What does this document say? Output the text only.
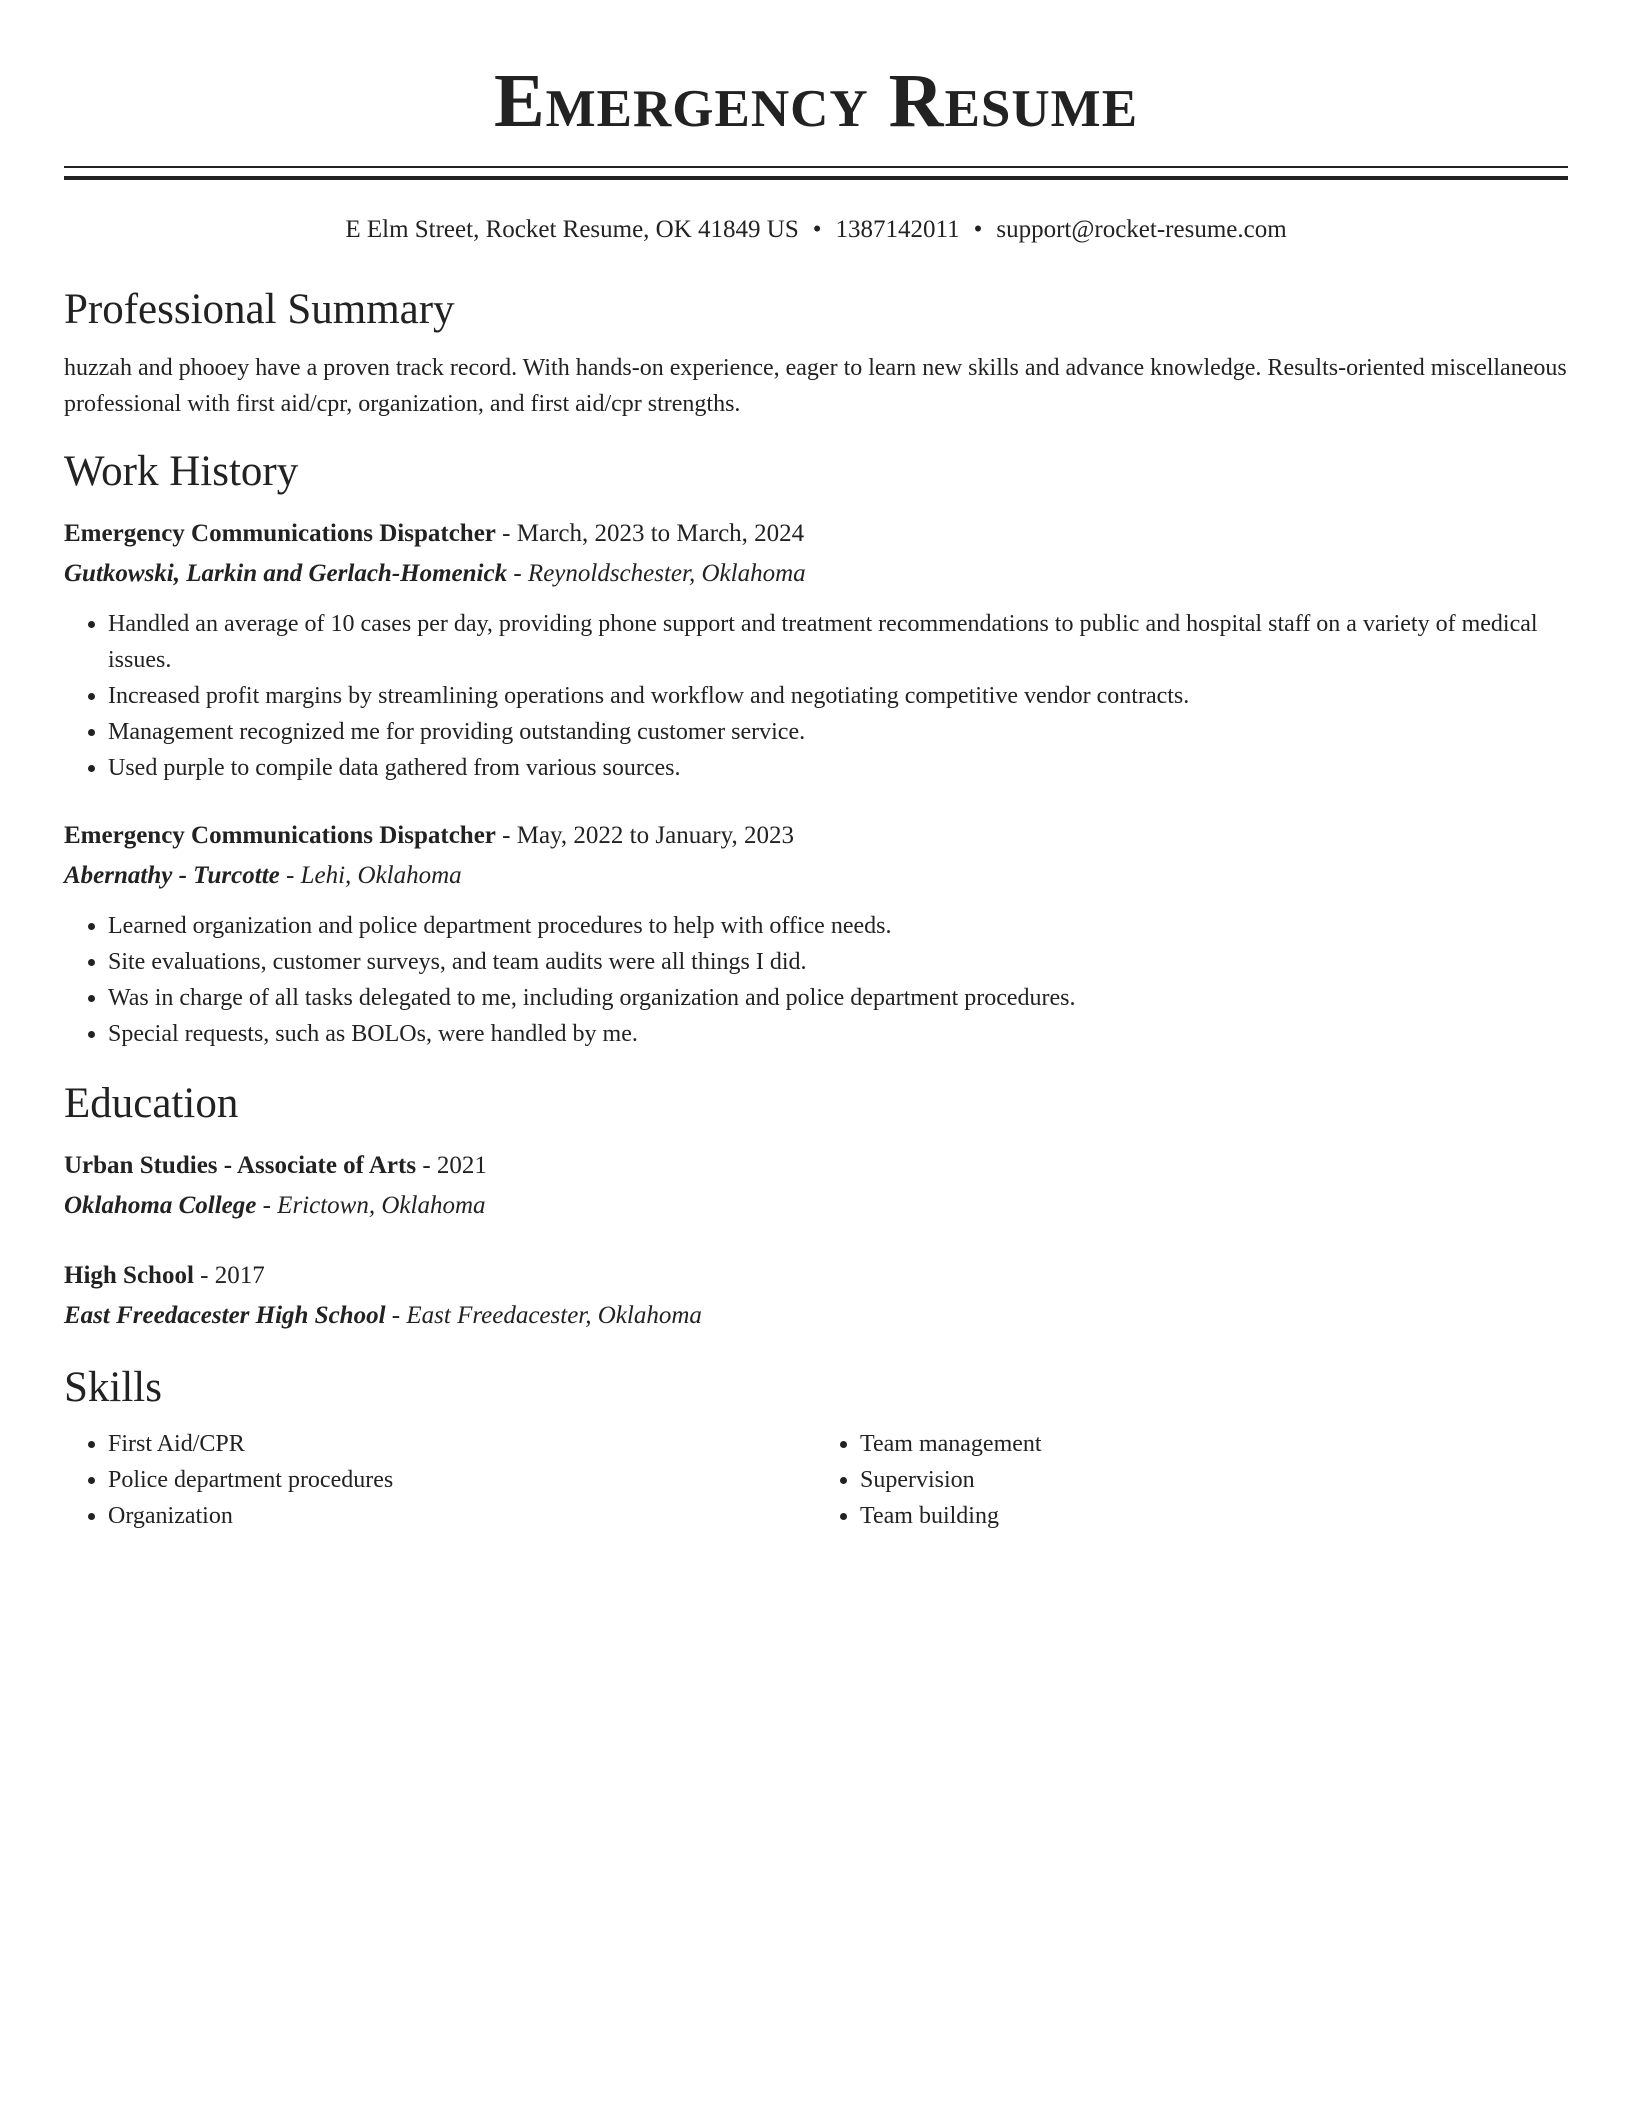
Emergency Resume
E Elm Street, Rocket Resume, OK 41849 US • 1387142011 • support@rocket-resume.com
Professional Summary
huzzah and phooey have a proven track record. With hands-on experience, eager to learn new skills and advance knowledge. Results-oriented miscellaneous professional with first aid/cpr, organization, and first aid/cpr strengths.
Work History
Emergency Communications Dispatcher - March, 2023 to March, 2024
Gutkowski, Larkin and Gerlach-Homenick - Reynoldschester, Oklahoma
• Handled an average of 10 cases per day, providing phone support and treatment recommendations to public and hospital staff on a variety of medical issues.
• Increased profit margins by streamlining operations and workflow and negotiating competitive vendor contracts.
• Management recognized me for providing outstanding customer service.
• Used purple to compile data gathered from various sources.
Emergency Communications Dispatcher - May, 2022 to January, 2023
Abernathy - Turcotte - Lehi, Oklahoma
• Learned organization and police department procedures to help with office needs.
• Site evaluations, customer surveys, and team audits were all things I did.
• Was in charge of all tasks delegated to me, including organization and police department procedures.
• Special requests, such as BOLOs, were handled by me.
Education
Urban Studies - Associate of Arts - 2021
Oklahoma College - Erictown, Oklahoma
High School - 2017
East Freedacester High School - East Freedacester, Oklahoma
Skills
• First Aid/CPR
• Police department procedures
• Organization
• Team management
• Supervision
• Team building
